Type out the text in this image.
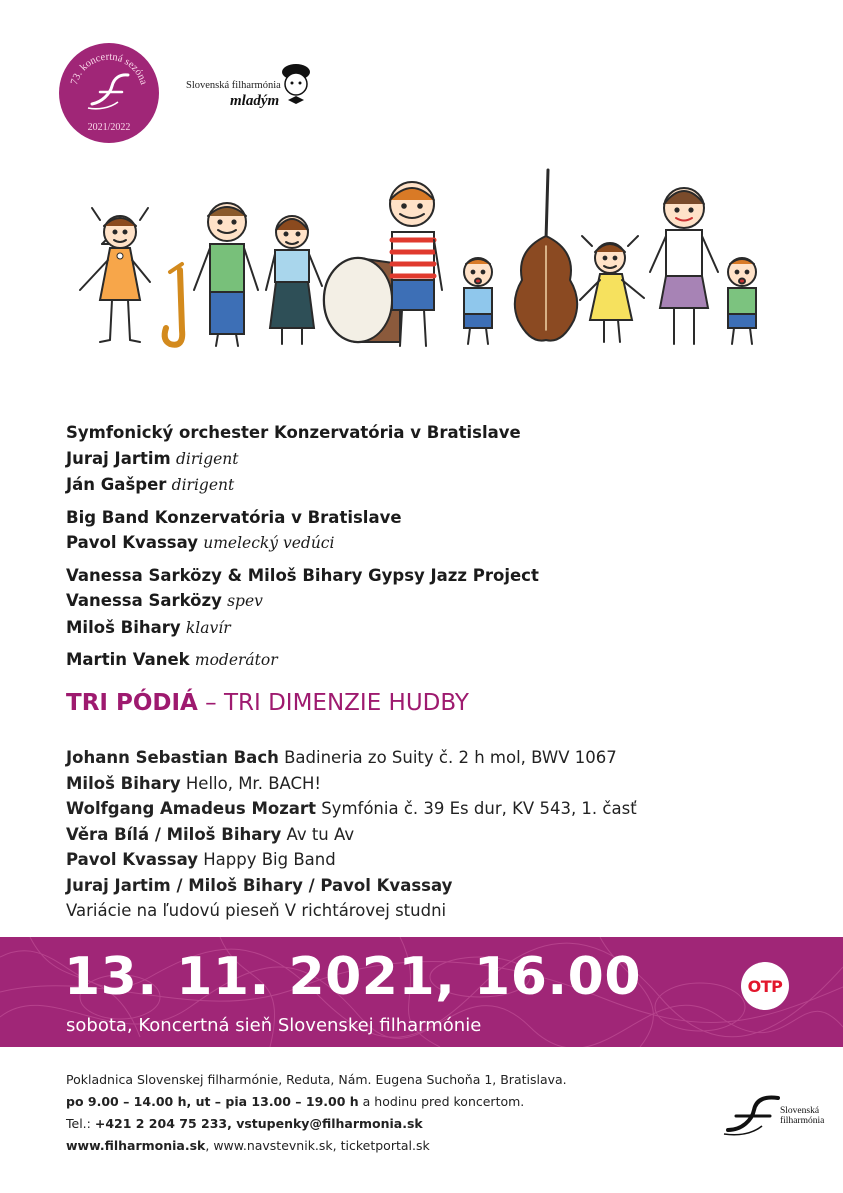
73. koncertná sezóna
2021/2022
Slovenská filharmónia
mladým
Symfonický orchester Konzervatória v Bratislave
Juraj Jartim dirigent
Ján Gašper dirigent
Big Band Konzervatória v Bratislave
Pavol Kvassay umelecký vedúci
Vanessa Sarközy & Miloš Bihary Gypsy Jazz Project
Vanessa Sarközy spev
Miloš Bihary klavír
Martin Vanek moderátor
TRI PÓDIÁ – TRI DIMENZIE HUDBY
Johann Sebastian Bach Badineria zo Suity č. 2 h mol, BWV 1067
Miloš Bihary Hello, Mr. BACH!
Wolfgang Amadeus Mozart Symfónia č. 39 Es dur, KV 543, 1. časť
Věra Bílá / Miloš Bihary Av tu Av
Pavol Kvassay Happy Big Band
Juraj Jartim / Miloš Bihary / Pavol Kvassay
Variácie na ľudovú pieseň V richtárovej studni
13. 11. 2021, 16.00
sobota, Koncertná sieň Slovenskej filharmónie
OTP
Pokladnica Slovenskej filharmónie, Reduta, Nám. Eugena Suchoňa 1, Bratislava.
po 9.00 – 14.00 h, ut – pia 13.00 – 19.00 h a hodinu pred koncertom.
Tel.: +421 2 204 75 233, vstupenky@filharmonia.sk
www.filharmonia.sk, www.navstevnik.sk, ticketportal.sk
Slovenská filharmónia
